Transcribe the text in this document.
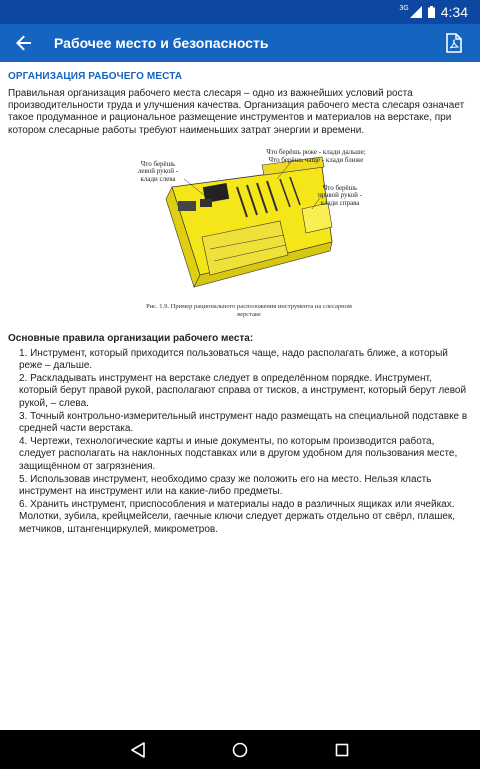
3G 4:34
Рабочее место и безопасность
ОРГАНИЗАЦИЯ РАБОЧЕГО МЕСТА

Правильная организация рабочего места слесаря – одно из важнейших условий роста производительности труда и улучшения качества. Организация рабочего места слесаря означает такое продуманное и рациональное размещение инструментов и материалов на верстаке, при котором слесарные работы требуют наименьших затрат энергии и времени.

Что берёшь реже - клади дальше;
Что берёшь чаще - клади ближе
Что берёшь
левой рукой -
клади слева
Что берёшь
правой рукой -
клади справа
Рис. 1.9. Пример рационального расположения инструмента на слесарном верстаке
Основные правила организации рабочего места:
1. Инструмент, который приходится пользоваться чаще, надо располагать ближе, а который реже – дальше.
2. Раскладывать инструмент на верстаке следует в определённом порядке. Инструмент, который берут правой рукой, располагают справа от тисков, а инструмент, который берут левой рукой, – слева.
3. Точный контрольно-измерительный инструмент надо размещать на специальной подставке в средней части верстака.
4. Чертежи, технологические карты и иные документы, по которым производится работа, следует располагать на наклонных подставках или в другом удобном для пользования месте, защищённом от загрязнения.
5. Использовав инструмент, необходимо сразу же положить его на место. Нельзя класть инструмент на инструмент или на какие-либо предметы.
6. Хранить инструмент, приспособления и материалы надо в различных ящиках или ячейках. Молотки, зубила, крейцмейсели, гаечные ключи следует держать отдельно от свёрл, плашек, метчиков, штангенциркулей, микрометров.
